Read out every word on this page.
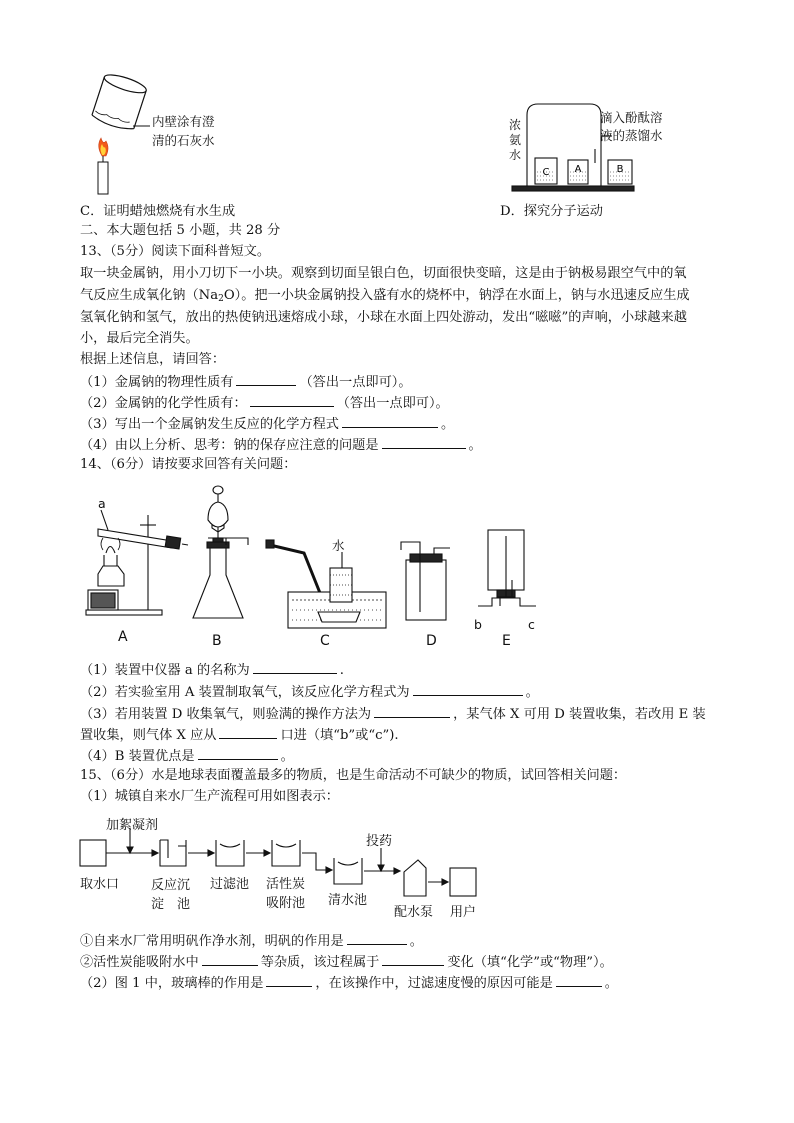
内壁涂有澄
清的石灰水
C．证明蜡烛燃烧有水生成
C	A	B
浓氨水
滴入酚酞溶
液的蒸馏水
D．探究分子运动
二、本大题包括 5 小题，共 28 分
13、（5分）阅读下面科普短文。
取一块金属钠，用小刀切下一小块。观察到切面呈银白色，切面很快变暗，这是由于钠极易跟空气中的氧
气反应生成氧化钠$(Na_2O)$。把一小块金属钠投入盛有水的烧杯中，钠浮在水面上，钠与水迅速反应生成
氢氧化钠和氢气，放出的热使钠迅速熔成小球，小球在水面上四处游动，发出“嗞嗞”的声响，小球越来越
小，最后完全消失。
根据上述信息，请回答：
（1）金属钠的物理性质有	（答出一点即可）。
（2）金属钠的化学性质有：	（答出一点即可）。
（3）写出一个金属钠发生反应的化学方程式	。
（4）由以上分析、思考：钠的保存应注意的问题是	。
14、（6分）请按要求回答有关问题：
a
水
b	c
A	B	C	D	E
（1）装置中仪器 a 的名称为	.
（2）若实验室用 A 装置制取氧气，该反应化学方程式为	。
（3）若用装置 D 收集氧气，则验满的操作方法为	，某气体 X 可用 D 装置收集，若改用 E 装
置收集，则气体 X 应从	口进（填“b”或“c”).
（4）B 装置优点是	。
15、（6分）水是地球表面覆盖最多的物质，也是生命活动不可缺少的物质，试回答相关问题：
（1）城镇自来水厂生产流程可用如图表示：
加絮凝剂
投药
取水口 反应沉
淀　池
过滤池 活性炭
吸附池 清水池
配水泵 用户
①自来水厂常用明矾作净水剂，明矾的作用是	。
②活性炭能吸附水中	等杂质，该过程属于	变化（填“化学”或“物理”）。
（2）图 1 中，玻璃棒的作用是	，在该操作中，过滤速度慢的原因可能是	。
